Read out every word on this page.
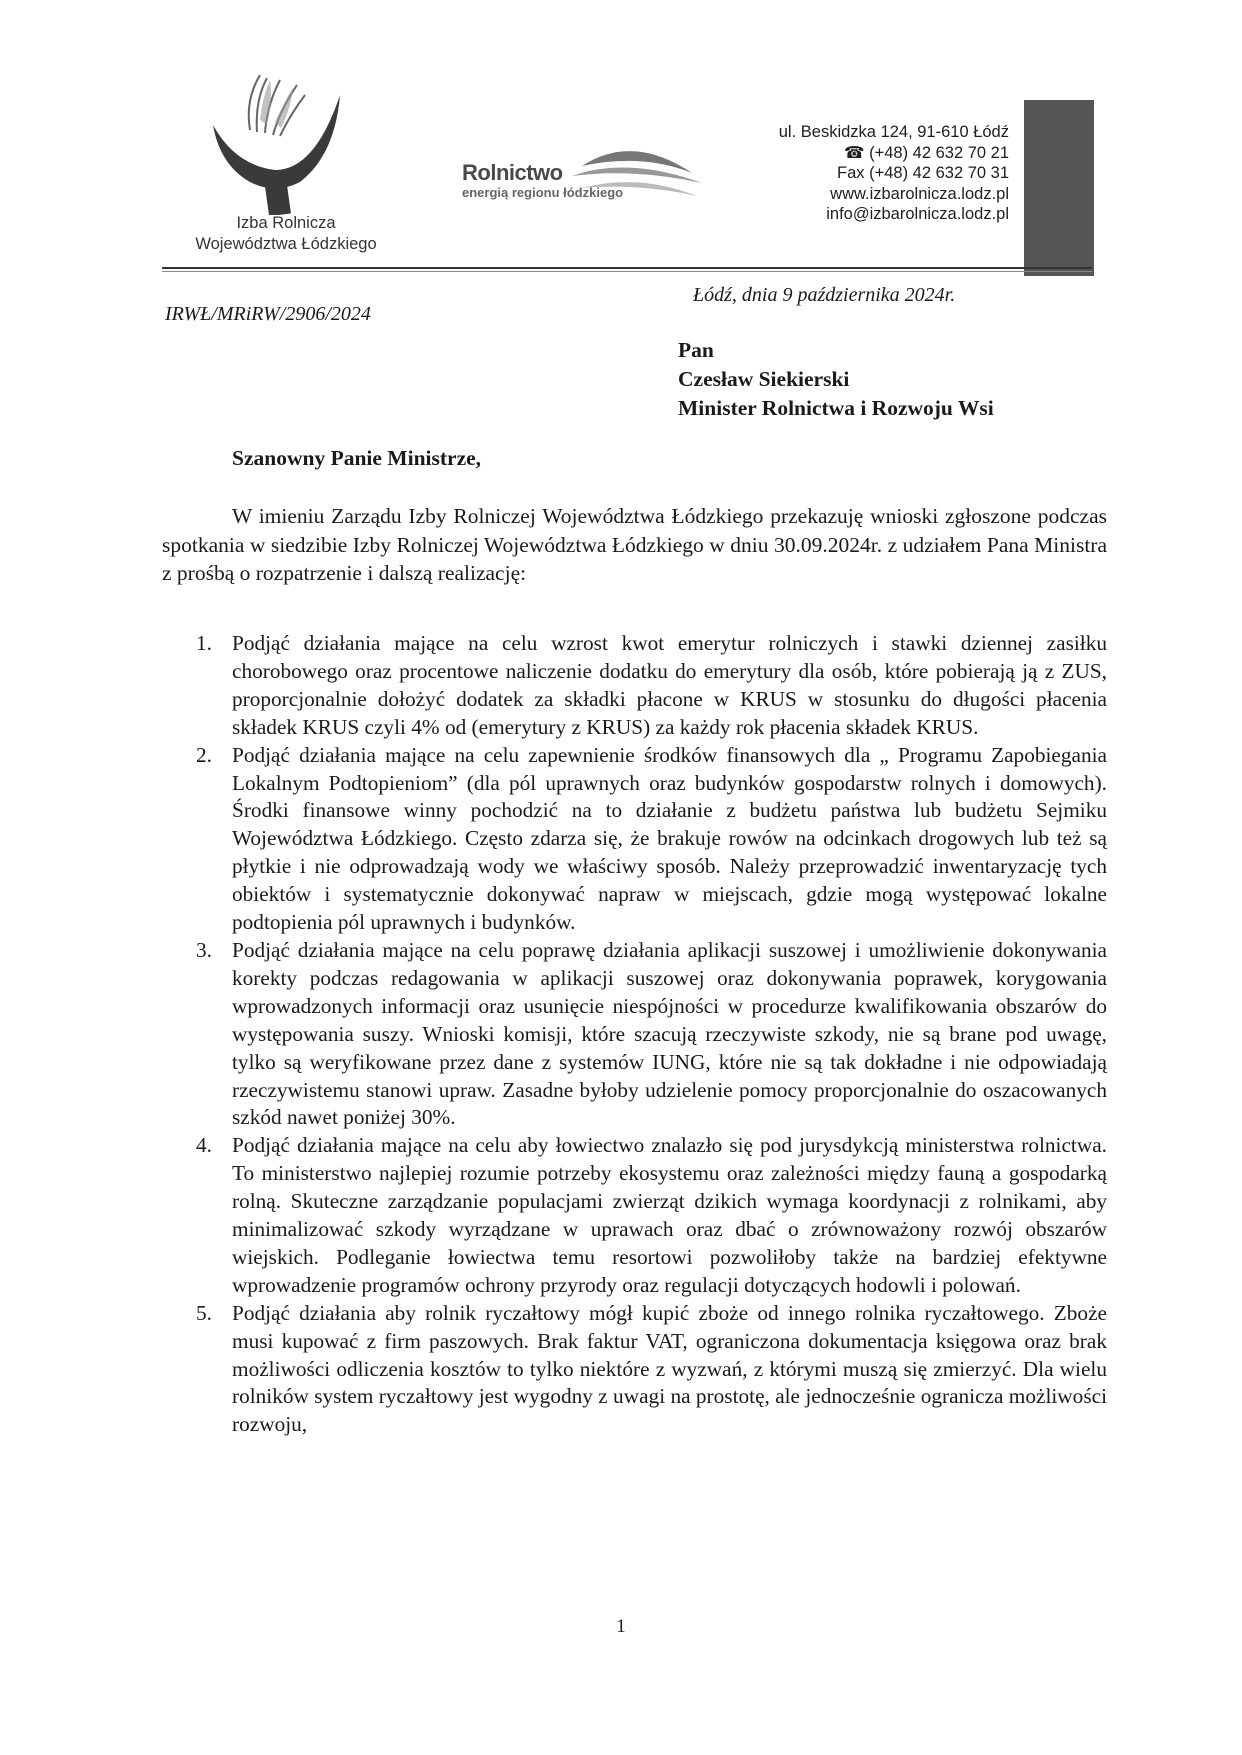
Izba Rolnicza
Województwa Łódzkiego
Rolnictwo
energią regionu łódzkiego
ul. Beskidzka 124, 91-610 Łódź
☎ (+48) 42 632 70 21
Fax (+48) 42 632 70 31
www.izbarolnicza.lodz.pl
info@izbarolnicza.lodz.pl
Łódź, dnia 9 października 2024r.
IRWŁ/MRiRW/2906/2024
Pan
Czesław Siekierski
Minister Rolnictwa i Rozwoju Wsi
Szanowny Panie Ministrze,

W imieniu Zarządu Izby Rolniczej Województwa Łódzkiego przekazuję wnioski zgłoszone podczas spotkania w siedzibie Izby Rolniczej Województwa Łódzkiego w dniu 30.09.2024r. z udziałem Pana Ministra z prośbą o rozpatrzenie i dalszą realizację:

1. Podjąć działania mające na celu wzrost kwot emerytur rolniczych i stawki dziennej zasiłku chorobowego oraz procentowe naliczenie dodatku do emerytury dla osób, które pobierają ją z ZUS, proporcjonalnie dołożyć dodatek za składki płacone w KRUS w stosunku do długości płacenia składek KRUS czyli 4% od (emerytury z KRUS) za każdy rok płacenia składek KRUS.
2. Podjąć działania mające na celu zapewnienie środków finansowych dla „ Programu Zapobiegania Lokalnym Podtopieniom” (dla pól uprawnych oraz budynków gospodarstw rolnych i domowych). Środki finansowe winny pochodzić na to działanie z budżetu państwa lub budżetu Sejmiku Województwa Łódzkiego. Często zdarza się, że brakuje rowów na odcinkach drogowych lub też są płytkie i nie odprowadzają wody we właściwy sposób. Należy przeprowadzić inwentaryzację tych obiektów i systematycznie dokonywać napraw w miejscach, gdzie mogą występować lokalne podtopienia pól uprawnych i budynków.
3. Podjąć działania mające na celu poprawę działania aplikacji suszowej i umożliwienie dokonywania korekty podczas redagowania w aplikacji suszowej oraz dokonywania poprawek, korygowania wprowadzonych informacji oraz usunięcie niespójności w procedurze kwalifikowania obszarów do występowania suszy. Wnioski komisji, które szacują rzeczywiste szkody, nie są brane pod uwagę, tylko są weryfikowane przez dane z systemów IUNG, które nie są tak dokładne i nie odpowiadają rzeczywistemu stanowi upraw. Zasadne byłoby udzielenie pomocy proporcjonalnie do oszacowanych szkód nawet poniżej 30%.
4. Podjąć działania mające na celu aby łowiectwo znalazło się pod jurysdykcją ministerstwa rolnictwa. To ministerstwo najlepiej rozumie potrzeby ekosystemu oraz zależności między fauną a gospodarką rolną. Skuteczne zarządzanie populacjami zwierząt dzikich wymaga koordynacji z rolnikami, aby minimalizować szkody wyrządzane w uprawach oraz dbać o zrównoważony rozwój obszarów wiejskich. Podleganie łowiectwa temu resortowi pozwoliłoby także na bardziej efektywne wprowadzenie programów ochrony przyrody oraz regulacji dotyczących hodowli i polowań.
5. Podjąć działania aby rolnik ryczałtowy mógł kupić zboże od innego rolnika ryczałtowego. Zboże musi kupować z firm paszowych. Brak faktur VAT, ograniczona dokumentacja księgowa oraz brak możliwości odliczenia kosztów to tylko niektóre z wyzwań, z którymi muszą się zmierzyć. Dla wielu rolników system ryczałtowy jest wygodny z uwagi na prostotę, ale jednocześnie ogranicza możliwości rozwoju,
1
